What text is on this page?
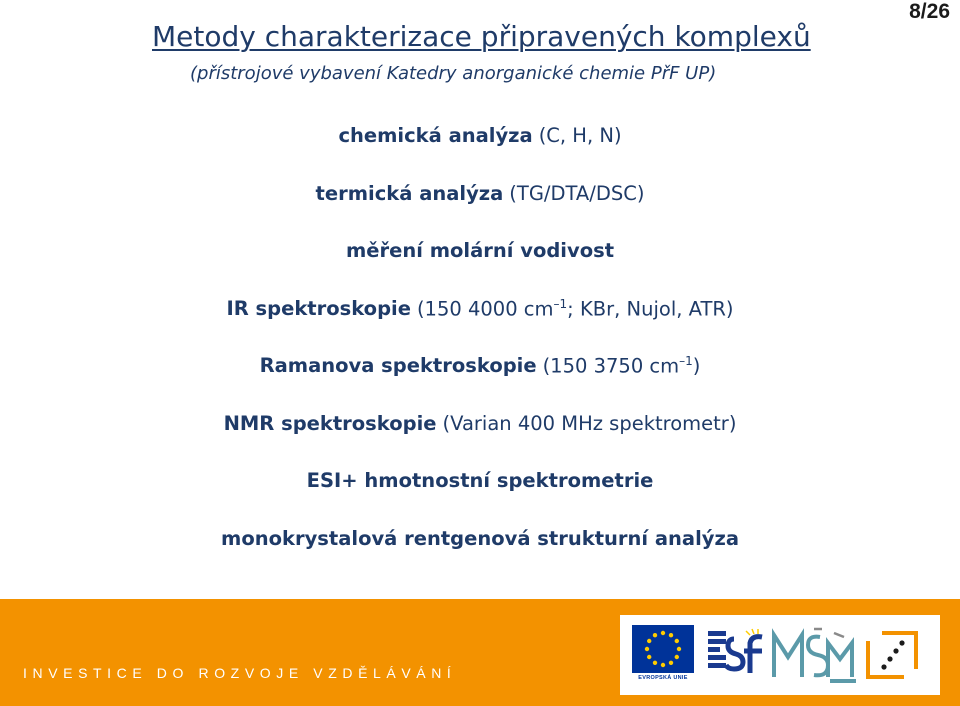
8/26
Metody charakterizace připravených komplexů
(přístrojové vybavení Katedry anorganické chemie PřF UP)
chemická analýza (C, H, N)
termická analýza (TG/DTA/DSC)
měření molární vodivost
IR spektroskopie (150 4000 $cm^{-1}$; KBr, Nujol, ATR)
Ramanova spektroskopie (150 3750 $cm^{-1}$)
NMR spektroskopie (Varian 400 MHz spektrometr)
ESI+ hmotnostní spektrometrie
monokrystalová rentgenová strukturní analýza
INVESTICE DO ROZVOJE VZDĚLÁVÁNÍ	EVROPSKÁ UNIE
